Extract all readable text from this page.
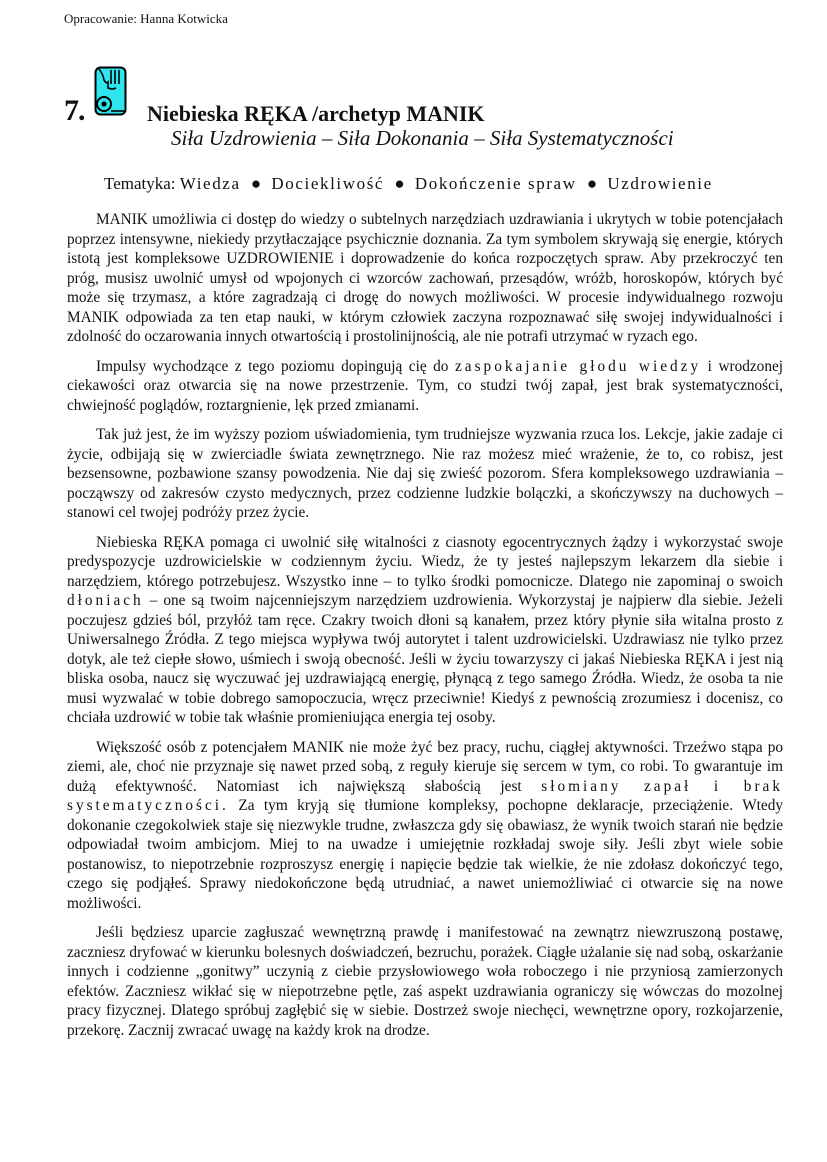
Opracowanie: Hanna Kotwicka
7.	Niebieska RĘKA /archetyp MANIK
Siła Uzdrowienia – Siła Dokonania – Siła Systematyczności
Tematyka: Wiedza ● Dociekliwość ● Dokończenie spraw ● Uzdrowienie

MANIK umożliwia ci dostęp do wiedzy o subtelnych narzędziach uzdrawiania i ukrytych w tobie potencjałach poprzez intensywne, niekiedy przytłaczające psychicznie doznania. Za tym symbolem skrywają się energie, których istotą jest kompleksowe UZDROWIENIE i doprowadzenie do końca rozpoczętych spraw. Aby przekroczyć ten próg, musisz uwolnić umysł od wpojonych ci wzorców zachowań, przesądów, wróżb, horoskopów, których być może się trzymasz, a które zagradzają ci drogę do nowych możliwości. W procesie indywidualnego rozwoju MANIK odpowiada za ten etap nauki, w którym człowiek zaczyna rozpoznawać siłę swojej indywidualności i zdolność do oczarowania innych otwartością i prostolinijnością, ale nie potrafi utrzymać w ryzach ego.

Impulsy wychodzące z tego poziomu dopingują cię do zaspokajanie głodu wiedzy i wrodzonej ciekawości oraz otwarcia się na nowe przestrzenie. Tym, co studzi twój zapał, jest brak systematyczności, chwiejność poglądów, roztargnienie, lęk przed zmianami.

Tak już jest, że im wyższy poziom uświadomienia, tym trudniejsze wyzwania rzuca los. Lekcje, jakie zadaje ci życie, odbijają się w zwierciadle świata zewnętrznego. Nie raz możesz mieć wrażenie, że to, co robisz, jest bezsensowne, pozbawione szansy powodzenia. Nie daj się zwieść pozorom. Sfera kompleksowego uzdrawiania – począwszy od zakresów czysto medycznych, przez codzienne ludzkie bolączki, a skończywszy na duchowych – stanowi cel twojej podróży przez życie.

Niebieska RĘKA pomaga ci uwolnić siłę witalności z ciasnoty egocentrycznych żądzy i wykorzystać swoje predyspozycje uzdrowicielskie w codziennym życiu. Wiedz, że ty jesteś najlepszym lekarzem dla siebie i narzędziem, którego potrzebujesz. Wszystko inne – to tylko środki pomocnicze. Dlatego nie zapominaj o swoich dłoniach – one są twoim najcenniejszym narzędziem uzdrowienia. Wykorzystaj je najpierw dla siebie. Jeżeli poczujesz gdzieś ból, przyłóż tam ręce. Czakry twoich dłoni są kanałem, przez który płynie siła witalna prosto z Uniwersalnego Źródła. Z tego miejsca wypływa twój autorytet i talent uzdrowicielski. Uzdrawiasz nie tylko przez dotyk, ale też ciepłe słowo, uśmiech i swoją obecność. Jeśli w życiu towarzyszy ci jakaś Niebieska RĘKA i jest nią bliska osoba, naucz się wyczuwać jej uzdrawiającą energię, płynącą z tego samego Źródła. Wiedz, że osoba ta nie musi wyzwalać w tobie dobrego samopoczucia, wręcz przeciwnie! Kiedyś z pewnością zrozumiesz i docenisz, co chciała uzdrowić w tobie tak właśnie promieniująca energia tej osoby.

Większość osób z potencjałem MANIK nie może żyć bez pracy, ruchu, ciągłej aktywności. Trzeźwo stąpa po ziemi, ale, choć nie przyznaje się nawet przed sobą, z reguły kieruje się sercem w tym, co robi. To gwarantuje im dużą efektywność. Natomiast ich największą słabością jest słomiany zapał i brak systematyczności. Za tym kryją się tłumione kompleksy, pochopne deklaracje, przeciążenie. Wtedy dokonanie czegokolwiek staje się niezwykle trudne, zwłaszcza gdy się obawiasz, że wynik twoich starań nie będzie odpowiadał twoim ambicjom. Miej to na uwadze i umiejętnie rozkładaj swoje siły. Jeśli zbyt wiele sobie postanowisz, to niepotrzebnie rozproszysz energię i napięcie będzie tak wielkie, że nie zdołasz dokończyć tego, czego się podjąłeś. Sprawy niedokończone będą utrudniać, a nawet uniemożliwiać ci otwarcie się na nowe możliwości.

Jeśli będziesz uparcie zagłuszać wewnętrzną prawdę i manifestować na zewnątrz niewzruszoną postawę, zaczniesz dryfować w kierunku bolesnych doświadczeń, bezruchu, porażek. Ciągłe użalanie się nad sobą, oskarżanie innych i codzienne „gonitwy” uczynią z ciebie przysłowiowego woła roboczego i nie przyniosą zamierzonych efektów. Zaczniesz wikłać się w niepotrzebne pętle, zaś aspekt uzdrawiania ograniczy się wówczas do mozolnej pracy fizycznej. Dlatego spróbuj zagłębić się w siebie. Dostrzeż swoje niechęci, wewnętrzne opory, rozkojarzenie, przekorę. Zacznij zwracać uwagę na każdy krok na drodze.
